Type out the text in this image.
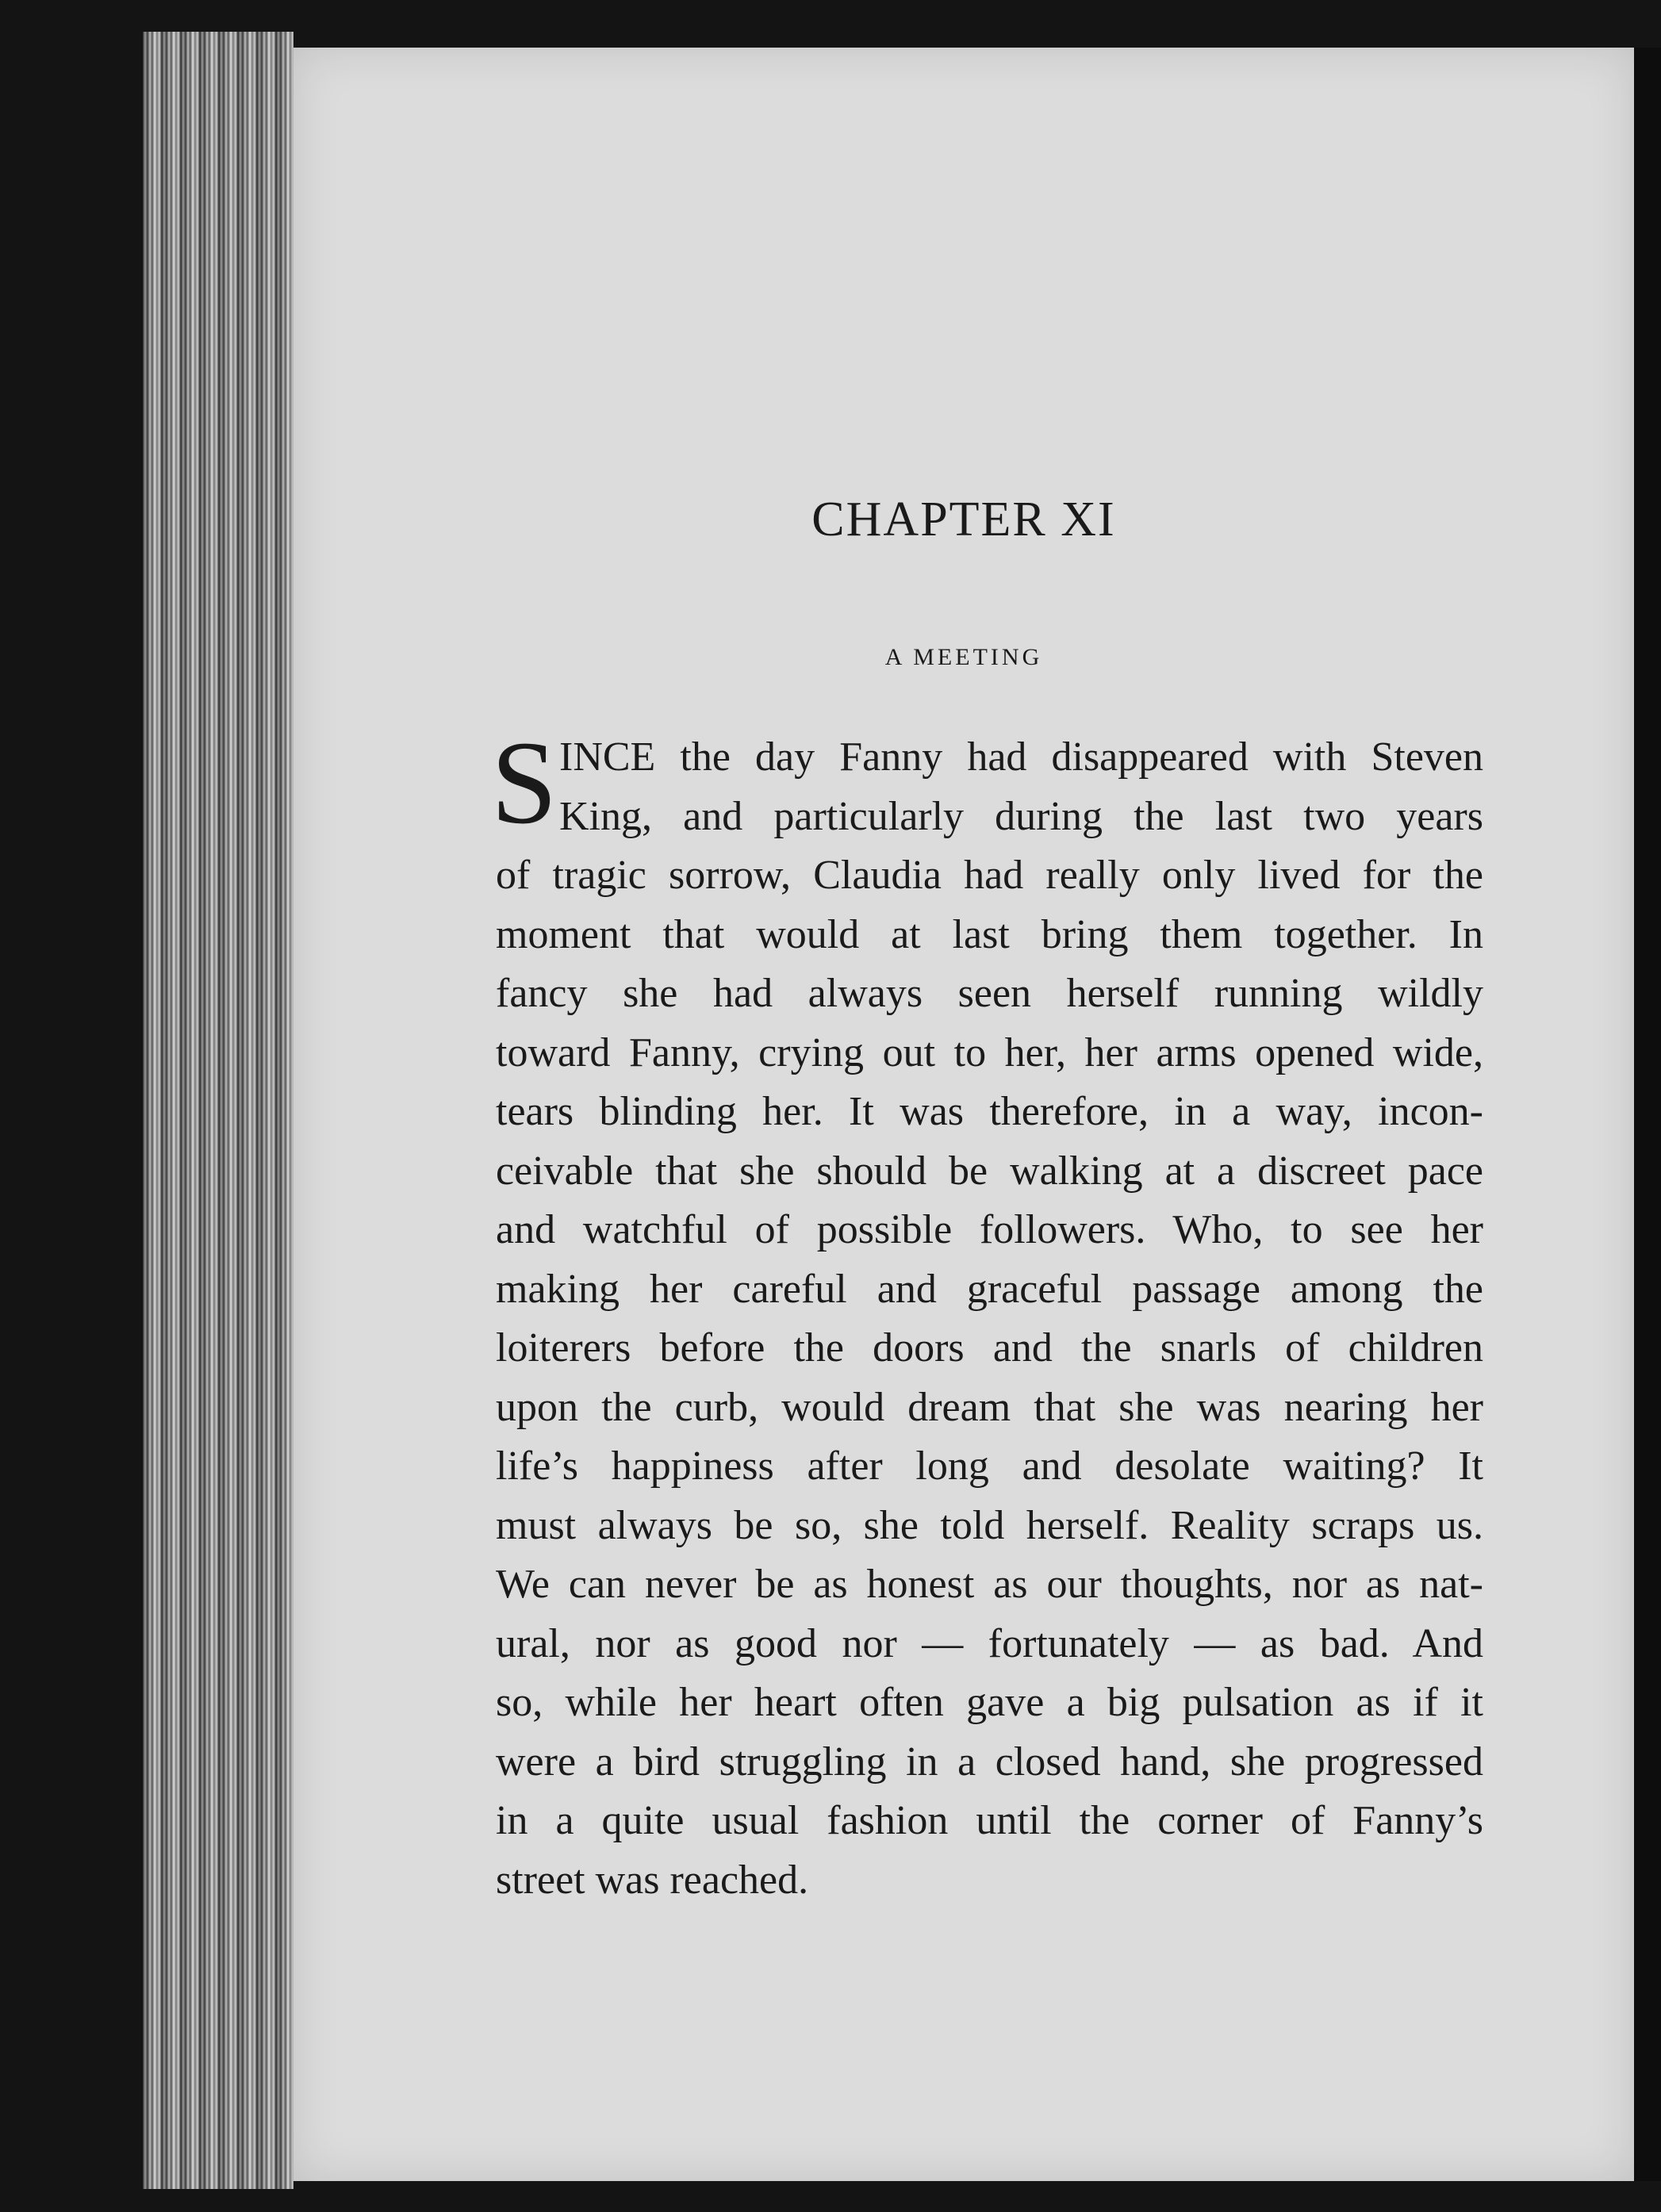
CHAPTER XI
A MEETING
S INCE the day Fanny had disappeared with Steven
King, and particularly during the last two years
of tragic sorrow, Claudia had really only lived for the
moment that would at last bring them together. In
fancy she had always seen herself running wildly
toward Fanny, crying out to her, her arms opened wide,
tears blinding her. It was therefore, in a way, incon-
ceivable that she should be walking at a discreet pace
and watchful of possible followers. Who, to see her
making her careful and graceful passage among the
loiterers before the doors and the snarls of children
upon the curb, would dream that she was nearing her
life’s happiness after long and desolate waiting? It
must always be so, she told herself. Reality scraps us.
We can never be as honest as our thoughts, nor as nat-
ural, nor as good nor — fortunately — as bad. And
so, while her heart often gave a big pulsation as if it
were a bird struggling in a closed hand, she progressed
in a quite usual fashion until the corner of Fanny’s
street was reached.
